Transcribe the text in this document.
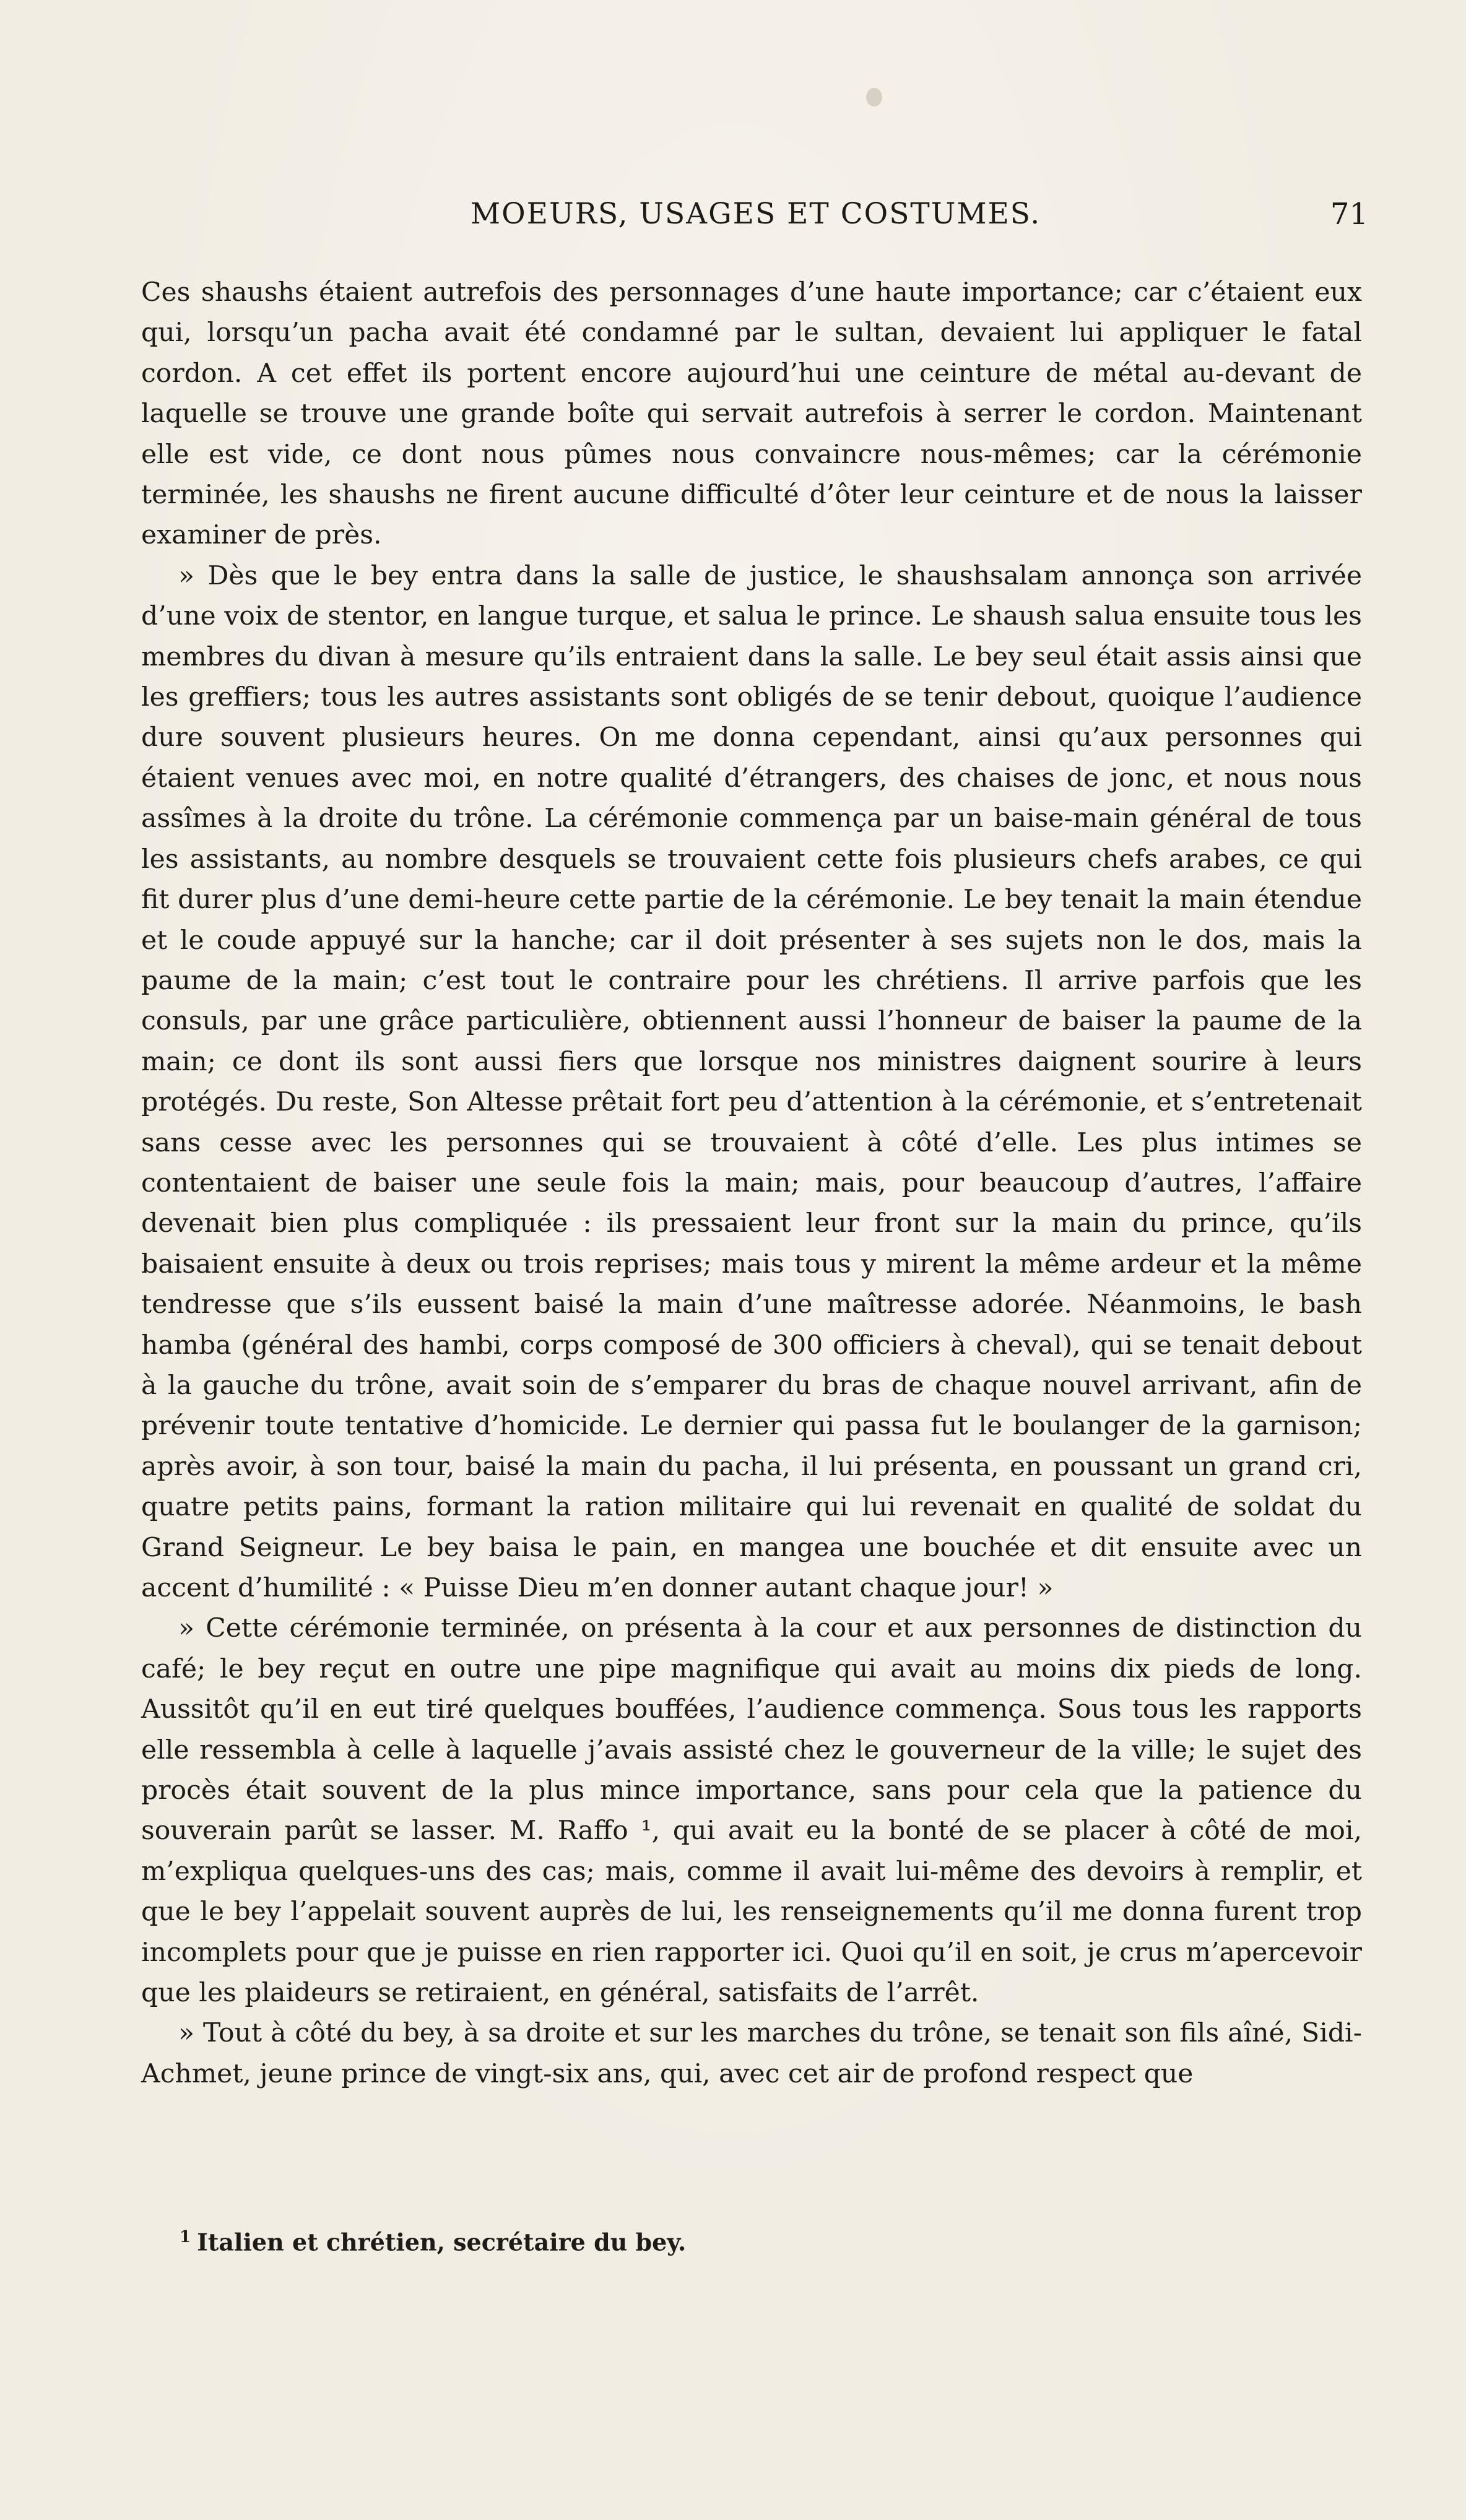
MOEURS, USAGES ET COSTUMES.	71

Ces shaushs étaient autrefois des personnages d’une haute importance; car c’étaient eux qui, lorsqu’un pacha avait été condamné par le sultan, devaient lui appliquer le fatal cordon. A cet effet ils portent encore aujourd’hui une ceinture de métal au-devant de laquelle se trouve une grande boîte qui servait autrefois à serrer le cordon. Maintenant elle est vide, ce dont nous pûmes nous convaincre nous-mêmes; car la cérémonie terminée, les shaushs ne firent aucune difficulté d’ôter leur ceinture et de nous la laisser examiner de près.

» Dès que le bey entra dans la salle de justice, le shaushsalam annonça son arrivée d’une voix de stentor, en langue turque, et salua le prince. Le shaush salua ensuite tous les membres du divan à mesure qu’ils entraient dans la salle. Le bey seul était assis ainsi que les greffiers; tous les autres assistants sont obligés de se tenir debout, quoique l’audience dure souvent plusieurs heures. On me donna cependant, ainsi qu’aux personnes qui étaient venues avec moi, en notre qualité d’étrangers, des chaises de jonc, et nous nous assîmes à la droite du trône. La cérémonie commença par un baise-main général de tous les assistants, au nombre desquels se trouvaient cette fois plusieurs chefs arabes, ce qui fit durer plus d’une demi-heure cette partie de la cérémonie. Le bey tenait la main étendue et le coude appuyé sur la hanche; car il doit présenter à ses sujets non le dos, mais la paume de la main; c’est tout le contraire pour les chrétiens. Il arrive parfois que les consuls, par une grâce particulière, obtiennent aussi l’honneur de baiser la paume de la main; ce dont ils sont aussi fiers que lorsque nos ministres daignent sourire à leurs protégés. Du reste, Son Altesse prêtait fort peu d’attention à la cérémonie, et s’entretenait sans cesse avec les personnes qui se trouvaient à côté d’elle. Les plus intimes se contentaient de baiser une seule fois la main; mais, pour beaucoup d’autres, l’affaire devenait bien plus compliquée : ils pressaient leur front sur la main du prince, qu’ils baisaient ensuite à deux ou trois reprises; mais tous y mirent la même ardeur et la même tendresse que s’ils eussent baisé la main d’une maîtresse adorée. Néanmoins, le bash hamba (général des hambi, corps composé de 300 officiers à cheval), qui se tenait debout à la gauche du trône, avait soin de s’emparer du bras de chaque nouvel arrivant, afin de prévenir toute tentative d’homicide. Le dernier qui passa fut le boulanger de la garnison; après avoir, à son tour, baisé la main du pacha, il lui présenta, en poussant un grand cri, quatre petits pains, formant la ration militaire qui lui revenait en qualité de soldat du Grand Seigneur. Le bey baisa le pain, en mangea une bouchée et dit ensuite avec un accent d’humilité : « Puisse Dieu m’en donner autant chaque jour! »

» Cette cérémonie terminée, on présenta à la cour et aux personnes de distinction du café; le bey reçut en outre une pipe magnifique qui avait au moins dix pieds de long. Aussitôt qu’il en eut tiré quelques bouffées, l’audience commença. Sous tous les rapports elle ressembla à celle à laquelle j’avais assisté chez le gouverneur de la ville; le sujet des procès était souvent de la plus mince importance, sans pour cela que la patience du souverain parût se lasser. M. Raffo ¹, qui avait eu la bonté de se placer à côté de moi, m’expliqua quelques-uns des cas; mais, comme il avait lui-même des devoirs à remplir, et que le bey l’appelait souvent auprès de lui, les renseignements qu’il me donna furent trop incomplets pour que je puisse en rien rapporter ici. Quoi qu’il en soit, je crus m’apercevoir que les plaideurs se retiraient, en général, satisfaits de l’arrêt.

» Tout à côté du bey, à sa droite et sur les marches du trône, se tenait son fils aîné, Sidi-Achmet, jeune prince de vingt-six ans, qui, avec cet air de profond respect que

$^1$ Italien et chrétien, secrétaire du bey.
